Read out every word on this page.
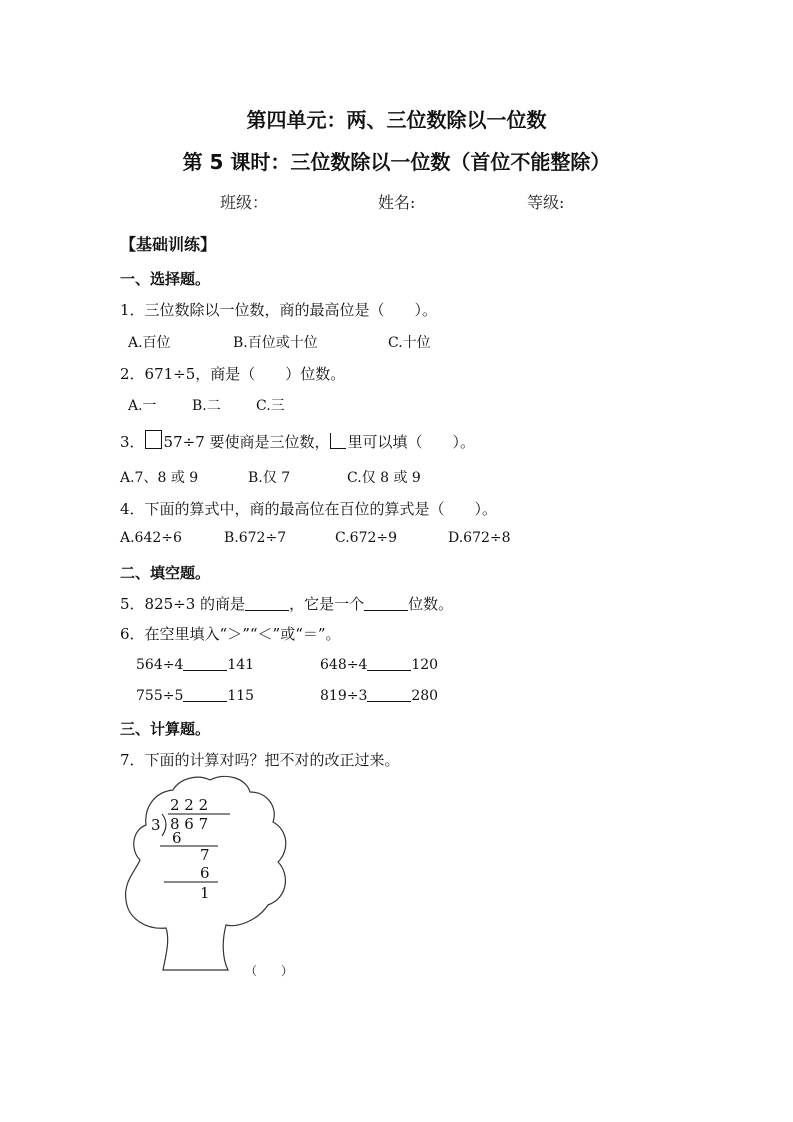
第四单元：两、三位数除以一位数
第 5 课时：三位数除以一位数（首位不能整除）
班级：	姓名:	等级:
【基础训练】
一、选择题。
1．三位数除以一位数，商的最高位是（　　）。
A.百位	B.百位或十位	C.十位
2．671÷5，商是（　　）位数。
A.一	B.二	C.三
3． 57÷7 要使商是三位数， 里可以填（　　）。
A.7、8 或 9	B.仅 7	C.仅 8 或 9
4．下面的算式中，商的最高位在百位的算式是（　　）。
A.642÷6	B.672÷7	C.672÷9	D.672÷8
二、填空题。
5．825÷3 的商是	，它是一个	位数。
6．在空里填入“＞”“＜”或“＝”。
564÷4	141	648÷4	120
755÷5	115	819÷3	280
三、计算题。
7．下面的计算对吗？把不对的改正过来。
2 2 2
3 8 6 7
6
7
6
1
（　　）
